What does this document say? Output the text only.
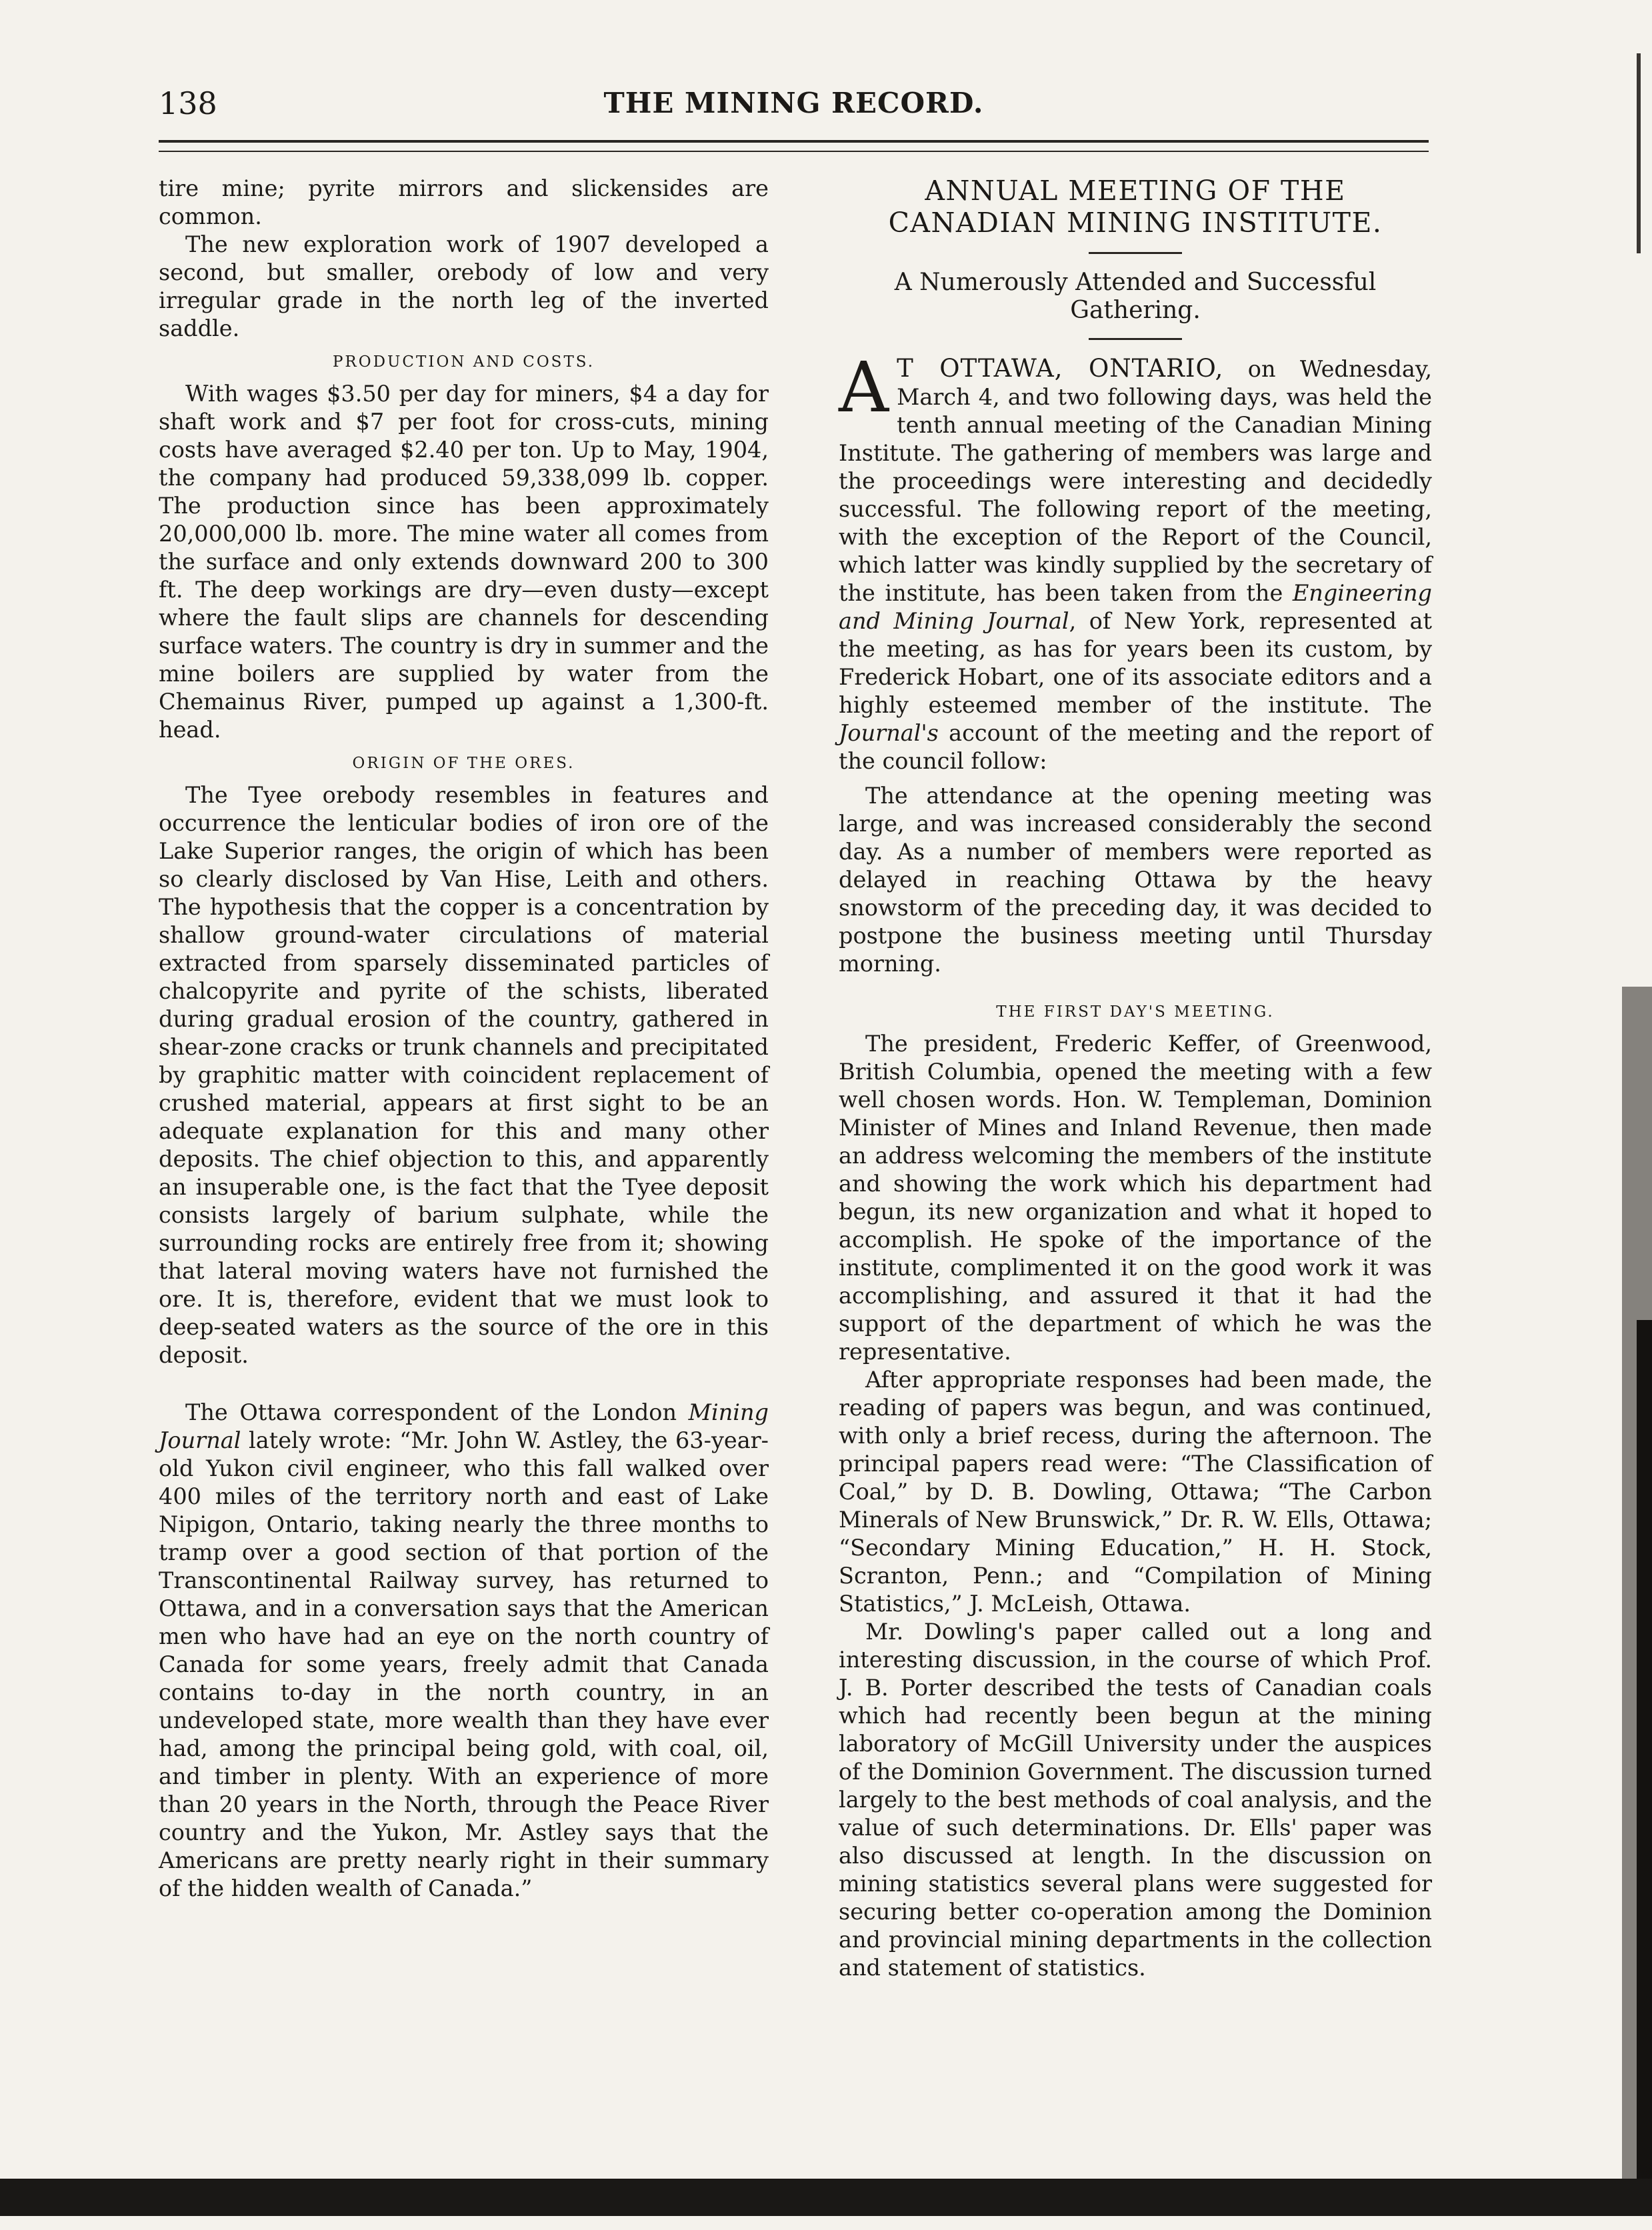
138	THE MINING RECORD.

tire mine; pyrite mirrors and slickensides are common.

The new exploration work of 1907 developed a second, but smaller, orebody of low and very irregular grade in the north leg of the inverted saddle.

PRODUCTION AND COSTS.

With wages $3.50 per day for miners, $4 a day for shaft work and $7 per foot for cross-cuts, mining costs have averaged $2.40 per ton. Up to May, 1904, the company had produced 59,338,099 lb. copper. The production since has been approximately 20,000,000 lb. more. The mine water all comes from the surface and only extends downward 200 to 300 ft. The deep workings are dry—even dusty—except where the fault slips are channels for descending surface waters. The country is dry in summer and the mine boilers are supplied by water from the Chemainus River, pumped up against a 1,300-ft. head.

ORIGIN OF THE ORES.

The Tyee orebody resembles in features and occurrence the lenticular bodies of iron ore of the Lake Superior ranges, the origin of which has been so clearly disclosed by Van Hise, Leith and others. The hypothesis that the copper is a concentration by shallow ground-water circulations of material extracted from sparsely disseminated particles of chalcopyrite and pyrite of the schists, liberated during gradual erosion of the country, gathered in shear-zone cracks or trunk channels and precipitated by graphitic matter with coincident replacement of crushed material, appears at first sight to be an adequate explanation for this and many other deposits. The chief objection to this, and apparently an insuperable one, is the fact that the Tyee deposit consists largely of barium sulphate, while the surrounding rocks are entirely free from it; showing that lateral moving waters have not furnished the ore. It is, therefore, evident that we must look to deep-seated waters as the source of the ore in this deposit.

The Ottawa correspondent of the London Mining Journal lately wrote: “Mr. John W. Astley, the 63-year-old Yukon civil engineer, who this fall walked over 400 miles of the territory north and east of Lake Nipigon, Ontario, taking nearly the three months to tramp over a good section of that portion of the Transcontinental Railway survey, has returned to Ottawa, and in a conversation says that the American men who have had an eye on the north country of Canada for some years, freely admit that Canada contains to-day in the north country, in an undeveloped state, more wealth than they have ever had, among the principal being gold, with coal, oil, and timber in plenty. With an experience of more than 20 years in the North, through the Peace River country and the Yukon, Mr. Astley says that the Americans are pretty nearly right in their summary of the hidden wealth of Canada.”

ANNUAL MEETING OF THE CANADIAN MINING INSTITUTE.

A Numerously Attended and Successful Gathering.

A T OTTAWA, ONTARIO, on Wednesday, March 4, and two following days, was held the tenth annual meeting of the Canadian Mining Institute. The gathering of members was large and the proceedings were interesting and decidedly successful. The following report of the meeting, with the exception of the Report of the Council, which latter was kindly supplied by the secretary of the institute, has been taken from the Engineering and Mining Journal, of New York, represented at the meeting, as has for years been its custom, by Frederick Hobart, one of its associate editors and a highly esteemed member of the institute. The Journal's account of the meeting and the report of the council follow:

The attendance at the opening meeting was large, and was increased considerably the second day. As a number of members were reported as delayed in reaching Ottawa by the heavy snowstorm of the preceding day, it was decided to postpone the business meeting until Thursday morning.

THE FIRST DAY'S MEETING.

The president, Frederic Keffer, of Greenwood, British Columbia, opened the meeting with a few well chosen words. Hon. W. Templeman, Dominion Minister of Mines and Inland Revenue, then made an address welcoming the members of the institute and showing the work which his department had begun, its new organization and what it hoped to accomplish. He spoke of the importance of the institute, complimented it on the good work it was accomplishing, and assured it that it had the support of the department of which he was the representative.

After appropriate responses had been made, the reading of papers was begun, and was continued, with only a brief recess, during the afternoon. The principal papers read were: “The Classification of Coal,” by D. B. Dowling, Ottawa; “The Carbon Minerals of New Brunswick,” Dr. R. W. Ells, Ottawa; “Secondary Mining Education,” H. H. Stock, Scranton, Penn.; and “Compilation of Mining Statistics,” J. McLeish, Ottawa.

Mr. Dowling's paper called out a long and interesting discussion, in the course of which Prof. J. B. Porter described the tests of Canadian coals which had recently been begun at the mining laboratory of McGill University under the auspices of the Dominion Government. The discussion turned largely to the best methods of coal analysis, and the value of such determinations. Dr. Ells' paper was also discussed at length. In the discussion on mining statistics several plans were suggested for securing better co-operation among the Dominion and provincial mining departments in the collection and statement of statistics.
